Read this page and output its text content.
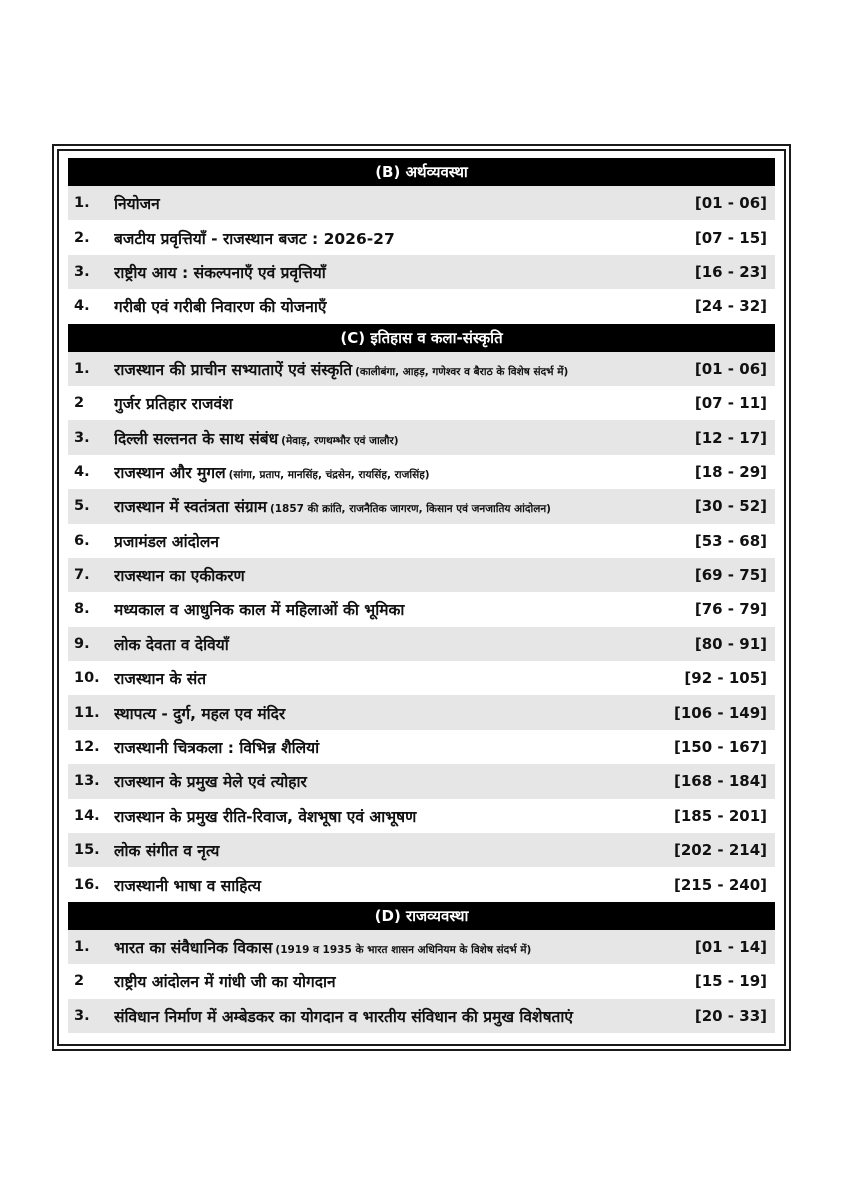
(B) अर्थव्यवस्था
1.	नियोजन	[01 - 06]
2.	बजटीय प्रवृत्तियाँ - राजस्थान बजट : 2026-27	[07 - 15]
3.	राष्ट्रीय आय : संकल्पनाएँ एवं प्रवृत्तियाँ	[16 - 23]
4.	गरीबी एवं गरीबी निवारण की योजनाएँ	[24 - 32]
(C) इतिहास व कला-संस्कृति
1.	राजस्थान की प्राचीन सभ्याताऐं एवं संस्कृति (कालीबंगा, आहड़, गणेश्वर व बैराठ के विशेष संदर्भ में)	[01 - 06]
2	गुर्जर प्रतिहार राजवंश	[07 - 11]
3.	दिल्ली सल्तनत के साथ संबंध (मेवाड़, रणथम्भौर एवं जालौर)	[12 - 17]
4.	राजस्थान और मुगल (सांगा, प्रताप, मानसिंह, चंद्रसेन, रायसिंह, राजसिंह)	[18 - 29]
5.	राजस्थान में स्वतंत्रता संग्राम (1857 की क्रांति, राजनैतिक जागरण, किसान एवं जनजातिय आंदोलन)	[30 - 52]
6.	प्रजामंडल आंदोलन	[53 - 68]
7.	राजस्थान का एकीकरण	[69 - 75]
8.	मध्यकाल व आधुनिक काल में महिलाओं की भूमिका	[76 - 79]
9.	लोक देवता व देवियाँ	[80 - 91]
10. राजस्थान के संत	[92 - 105]
11. स्थापत्य - दुर्ग, महल एव मंदिर	[106 - 149]
12. राजस्थानी चित्रकला : विभिन्न शैलियां	[150 - 167]
13. राजस्थान के प्रमुख मेले एवं त्योहार	[168 - 184]
14. राजस्थान के प्रमुख रीति-रिवाज, वेशभूषा एवं आभूषण	[185 - 201]
15. लोक संगीत व नृत्य	[202 - 214]
16. राजस्थानी भाषा व साहित्य	[215 - 240]
(D) राजव्यवस्था
1.	भारत का संवैधानिक विकास (1919 व 1935 के भारत शासन अधिनियम के विशेष संदर्भ में)	[01 - 14]
2	राष्ट्रीय आंदोलन में गांधी जी का योगदान	[15 - 19]
3.	संविधान निर्माण में अम्बेडकर का योगदान व भारतीय संविधान की प्रमुख विशेषताएं	[20 - 33]
